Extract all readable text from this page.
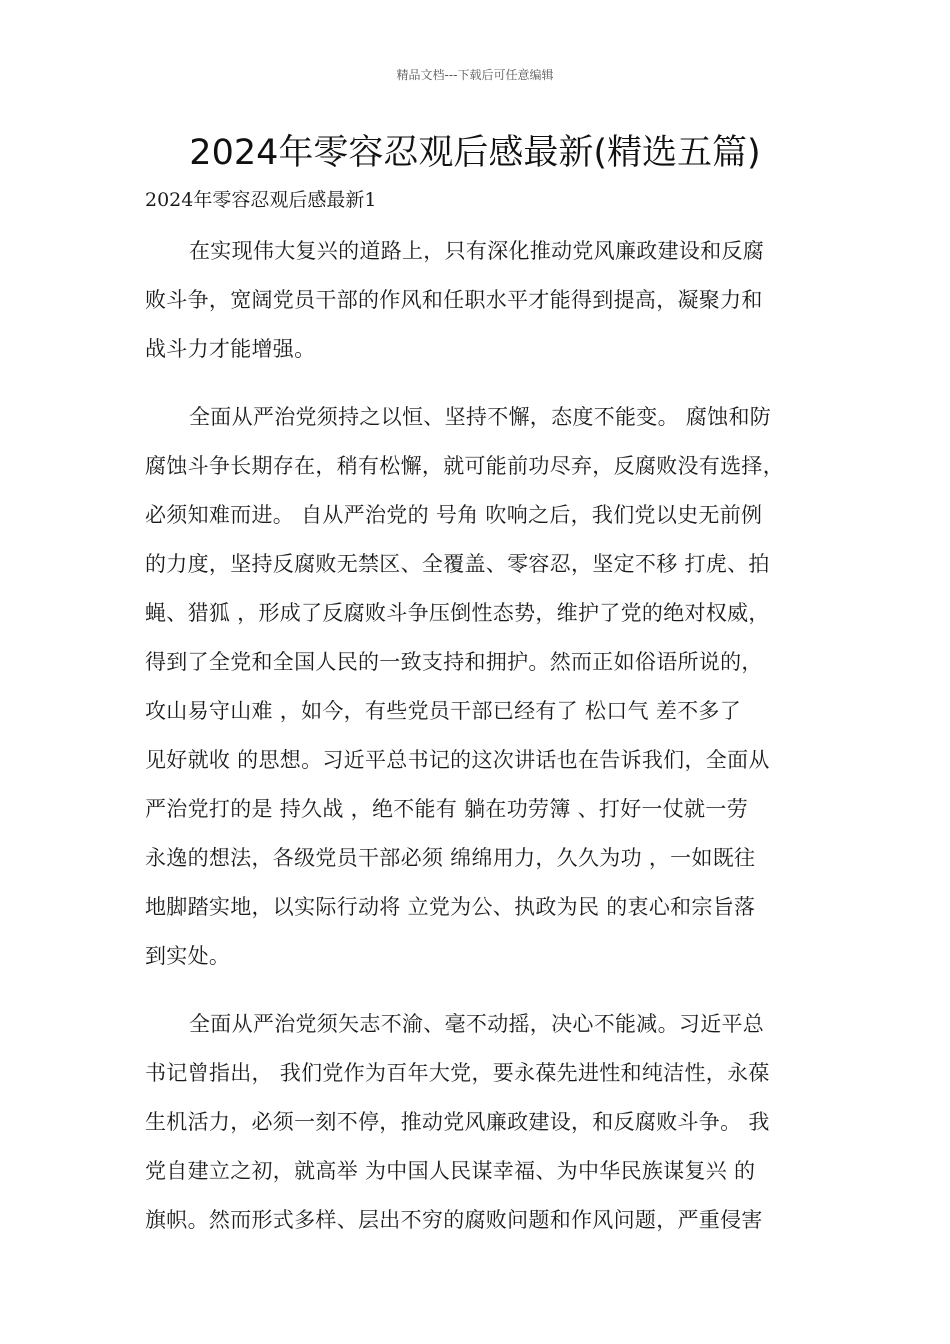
精品文档---下载后可任意编辑
2024年零容忍观后感最新(精选五篇)
2024年零容忍观后感最新1

在实现伟大复兴的道路上，只有深化推动党风廉政建设和反腐
败斗争，宽阔党员干部的作风和任职水平才能得到提高，凝聚力和
战斗力才能增强。

全面从严治党须持之以恒、坚持不懈，态度不能变。 腐蚀和防
腐蚀斗争长期存在，稍有松懈，就可能前功尽弃，反腐败没有选择，
必须知难而进。 自从严治党的 号角 吹响之后，我们党以史无前例
的力度，坚持反腐败无禁区、全覆盖、零容忍，坚定不移 打虎、拍
蝇、猎狐 ，形成了反腐败斗争压倒性态势，维护了党的绝对权威，
得到了全党和全国人民的一致支持和拥护。然而正如俗语所说的，
攻山易守山难 ，如今，有些党员干部已经有了 松口气 差不多了
见好就收 的思想。习近平总书记的这次讲话也在告诉我们，全面从
严治党打的是 持久战 ，绝不能有 躺在功劳簿 、打好一仗就一劳
永逸的想法，各级党员干部必须 绵绵用力，久久为功 ，一如既往
地脚踏实地，以实际行动将 立党为公、执政为民 的衷心和宗旨落
到实处。

全面从严治党须矢志不渝、毫不动摇，决心不能减。习近平总
书记曾指出， 我们党作为百年大党，要永葆先进性和纯洁性，永葆
生机活力，必须一刻不停，推动党风廉政建设，和反腐败斗争。 我
党自建立之初，就高举 为中国人民谋幸福、为中华民族谋复兴 的
旗帜。然而形式多样、层出不穷的腐败问题和作风问题，严重侵害
